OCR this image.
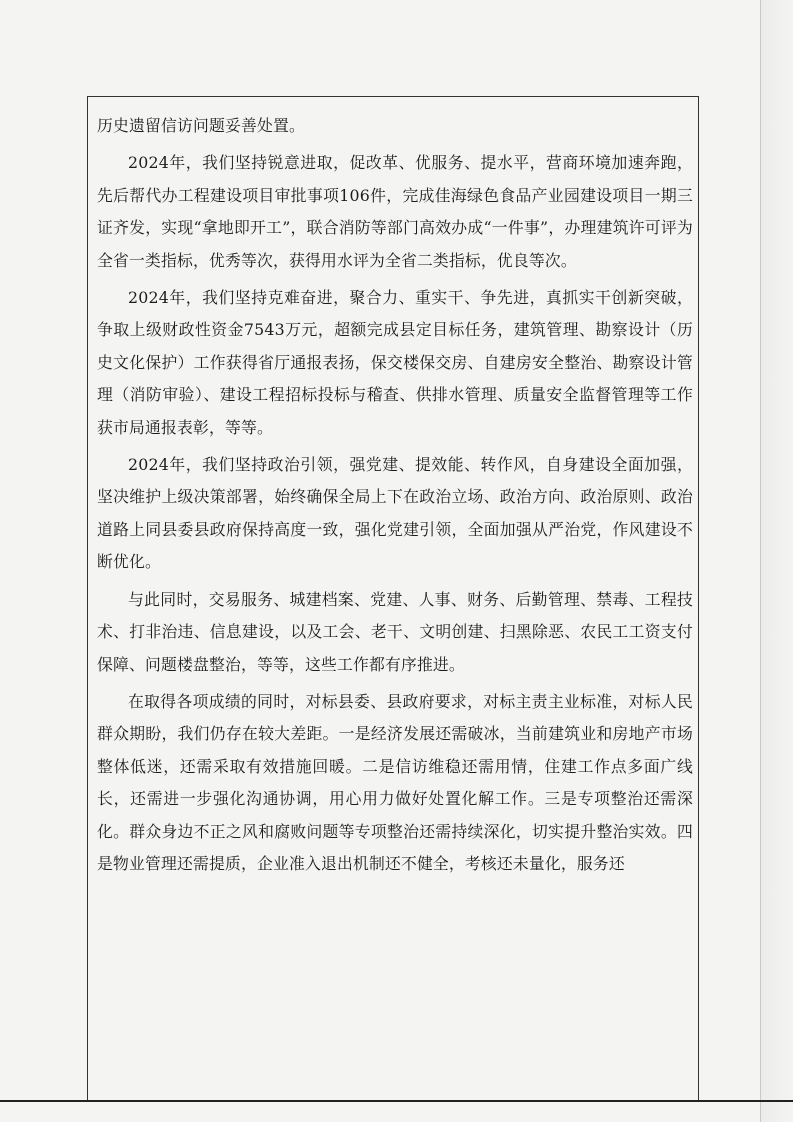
历史遗留信访问题妥善处置。

2024年，我们坚持锐意进取，促改革、优服务、提水平，营商环境加速奔跑，先后帮代办工程建设项目审批事项106件，完成佳海绿色食品产业园建设项目一期三证齐发，实现“拿地即开工”，联合消防等部门高效办成“一件事”，办理建筑许可评为全省一类指标，优秀等次，获得用水评为全省二类指标，优良等次。

2024年，我们坚持克难奋进，聚合力、重实干、争先进，真抓实干创新突破，争取上级财政性资金7543万元，超额完成县定目标任务，建筑管理、勘察设计（历史文化保护）工作获得省厅通报表扬，保交楼保交房、自建房安全整治、勘察设计管理（消防审验）、建设工程招标投标与稽查、供排水管理、质量安全监督管理等工作获市局通报表彰，等等。

2024年，我们坚持政治引领，强党建、提效能、转作风，自身建设全面加强，坚决维护上级决策部署，始终确保全局上下在政治立场、政治方向、政治原则、政治道路上同县委县政府保持高度一致，强化党建引领，全面加强从严治党，作风建设不断优化。

与此同时，交易服务、城建档案、党建、人事、财务、后勤管理、禁毒、工程技术、打非治违、信息建设，以及工会、老干、文明创建、扫黑除恶、农民工工资支付保障、问题楼盘整治，等等，这些工作都有序推进。

在取得各项成绩的同时，对标县委、县政府要求，对标主责主业标准，对标人民群众期盼，我们仍存在较大差距。一是经济发展还需破冰，当前建筑业和房地产市场整体低迷，还需采取有效措施回暖。二是信访维稳还需用情，住建工作点多面广线长，还需进一步强化沟通协调，用心用力做好处置化解工作。三是专项整治还需深化。群众身边不正之风和腐败问题等专项整治还需持续深化，切实提升整治实效。四是物业管理还需提质，企业准入退出机制还不健全，考核还未量化，服务还
